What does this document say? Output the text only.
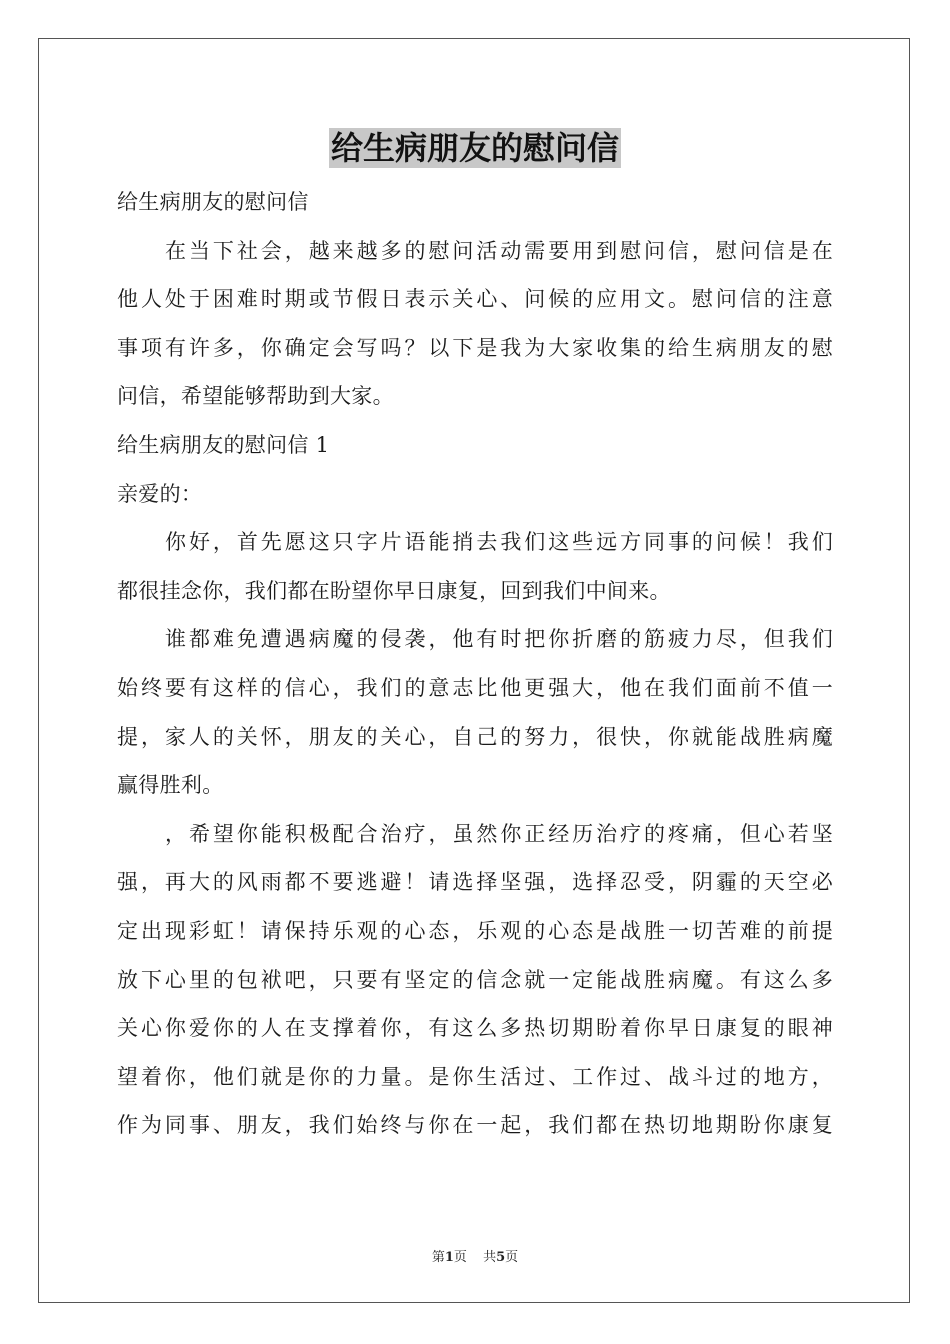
给生病朋友的慰问信
给生病朋友的慰问信
在当下社会，越来越多的慰问活动需要用到慰问信，慰问信是在
他人处于困难时期或节假日表示关心、问候的应用文。慰问信的注意
事项有许多，你确定会写吗？以下是我为大家收集的给生病朋友的慰
问信，希望能够帮助到大家。
给生病朋友的慰问信 1
亲爱的：
你好，首先愿这只字片语能捎去我们这些远方同事的问候！我们
都很挂念你，我们都在盼望你早日康复，回到我们中间来。
谁都难免遭遇病魔的侵袭，他有时把你折磨的筋疲力尽，但我们
始终要有这样的信心，我们的意志比他更强大，他在我们面前不值一
提，家人的关怀，朋友的关心，自己的努力，很快，你就能战胜病魔
赢得胜利。
，希望你能积极配合治疗，虽然你正经历治疗的疼痛，但心若坚
强，再大的风雨都不要逃避！请选择坚强，选择忍受，阴霾的天空必
定出现彩虹！请保持乐观的心态，乐观的心态是战胜一切苦难的前提
放下心里的包袱吧，只要有坚定的信念就一定能战胜病魔。有这么多
关心你爱你的人在支撑着你，有这么多热切期盼着你早日康复的眼神
望着你，他们就是你的力量。是你生活过、工作过、战斗过的地方，
作为同事、朋友，我们始终与你在一起，我们都在热切地期盼你康复
第1页 共5页
